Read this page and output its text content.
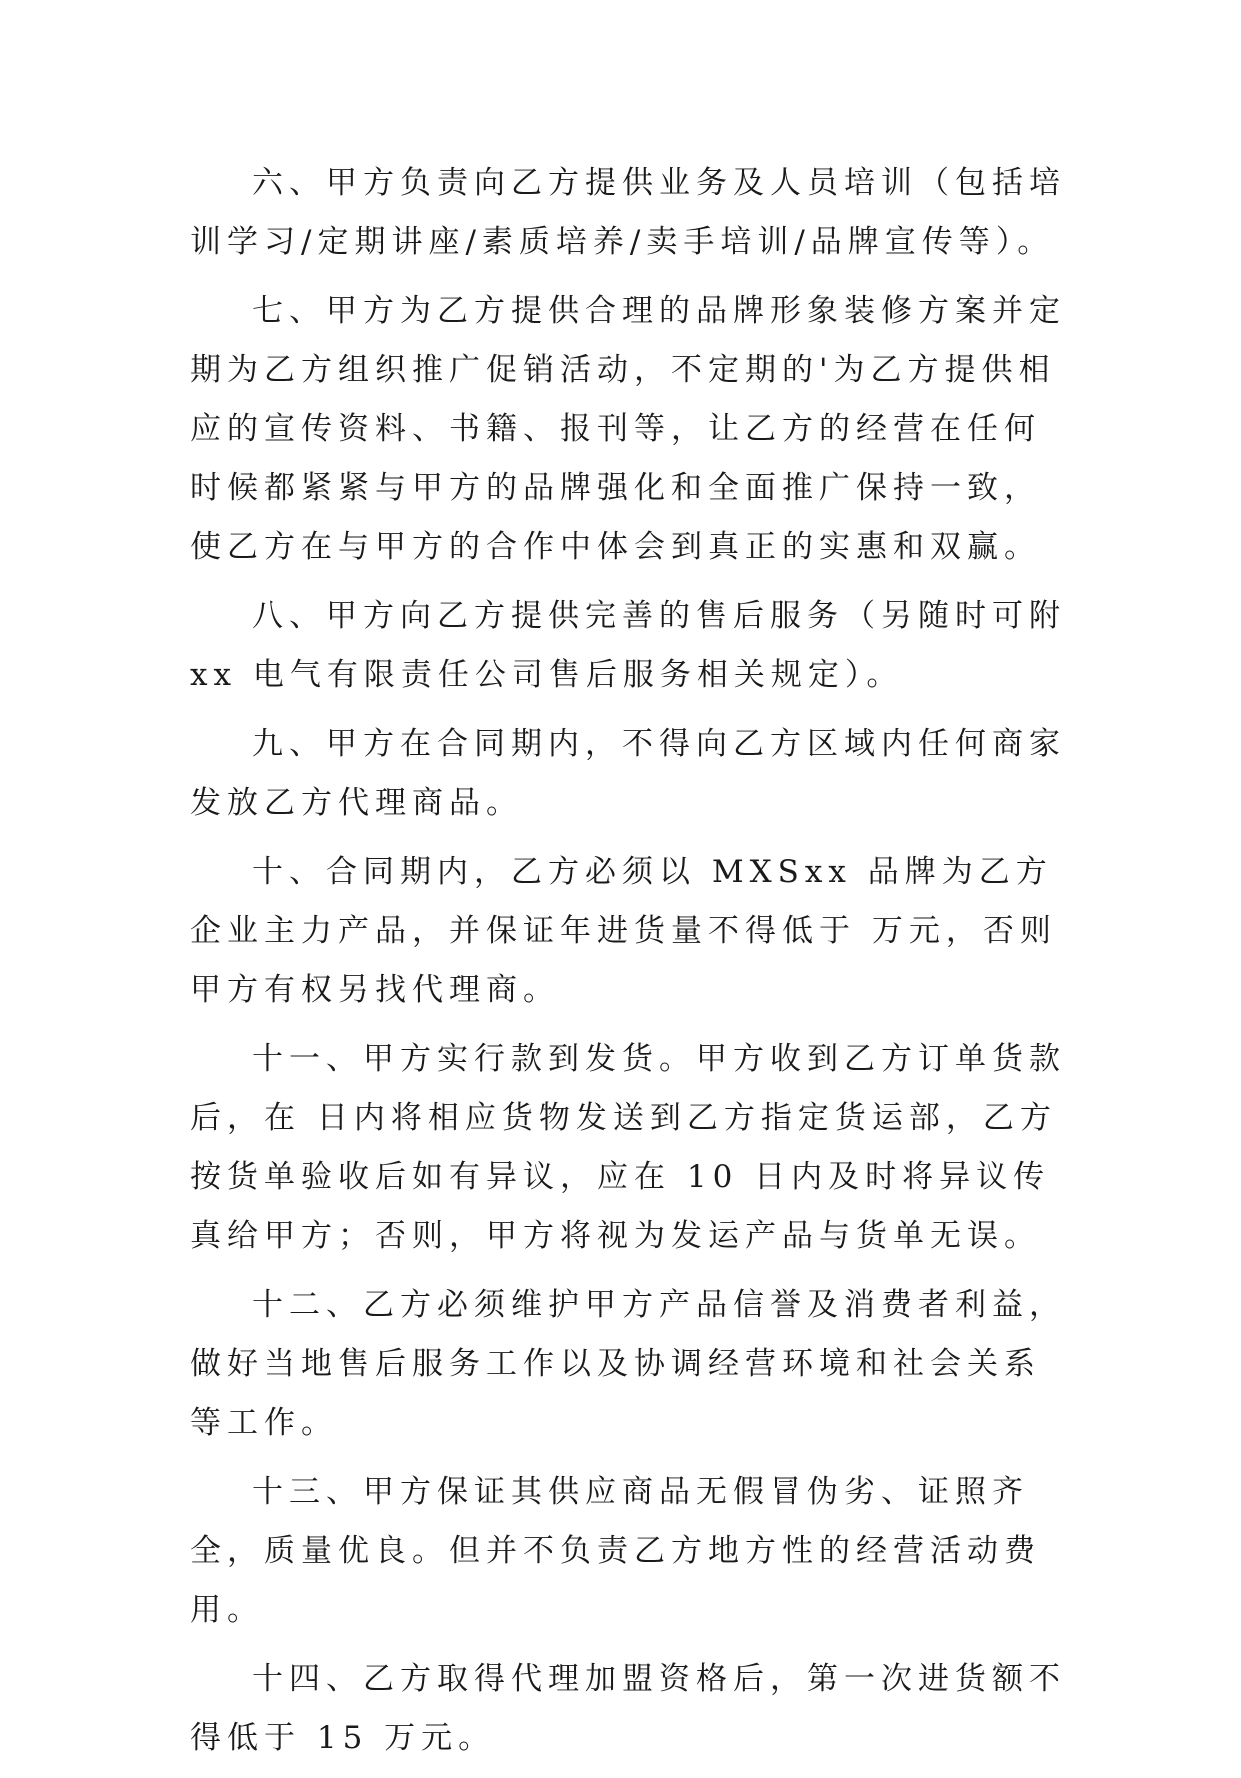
六、甲方负责向乙方提供业务及人员培训（包括培训学习/定期讲座/素质培养/卖手培训/品牌宣传等）。

七、甲方为乙方提供合理的品牌形象装修方案并定期为乙方组织推广促销活动，不定期的'为乙方提供相应的宣传资料、书籍、报刊等，让乙方的经营在任何时候都紧紧与甲方的品牌强化和全面推广保持一致，使乙方在与甲方的合作中体会到真正的实惠和双赢。

八、甲方向乙方提供完善的售后服务（另随时可附 xx 电气有限责任公司售后服务相关规定）。

九、甲方在合同期内，不得向乙方区域内任何商家发放乙方代理商品。

十、合同期内，乙方必须以 MXSxx 品牌为乙方企业主力产品，并保证年进货量不得低于 万元，否则甲方有权另找代理商。

十一、甲方实行款到发货。甲方收到乙方订单货款后，在 日内将相应货物发送到乙方指定货运部，乙方按货单验收后如有异议，应在 10 日内及时将异议传真给甲方；否则，甲方将视为发运产品与货单无误。

十二、乙方必须维护甲方产品信誉及消费者利益，做好当地售后服务工作以及协调经营环境和社会关系等工作。

十三、甲方保证其供应商品无假冒伪劣、证照齐全，质量优良。但并不负责乙方地方性的经营活动费用。

十四、乙方取得代理加盟资格后，第一次进货额不得低于 15 万元。
